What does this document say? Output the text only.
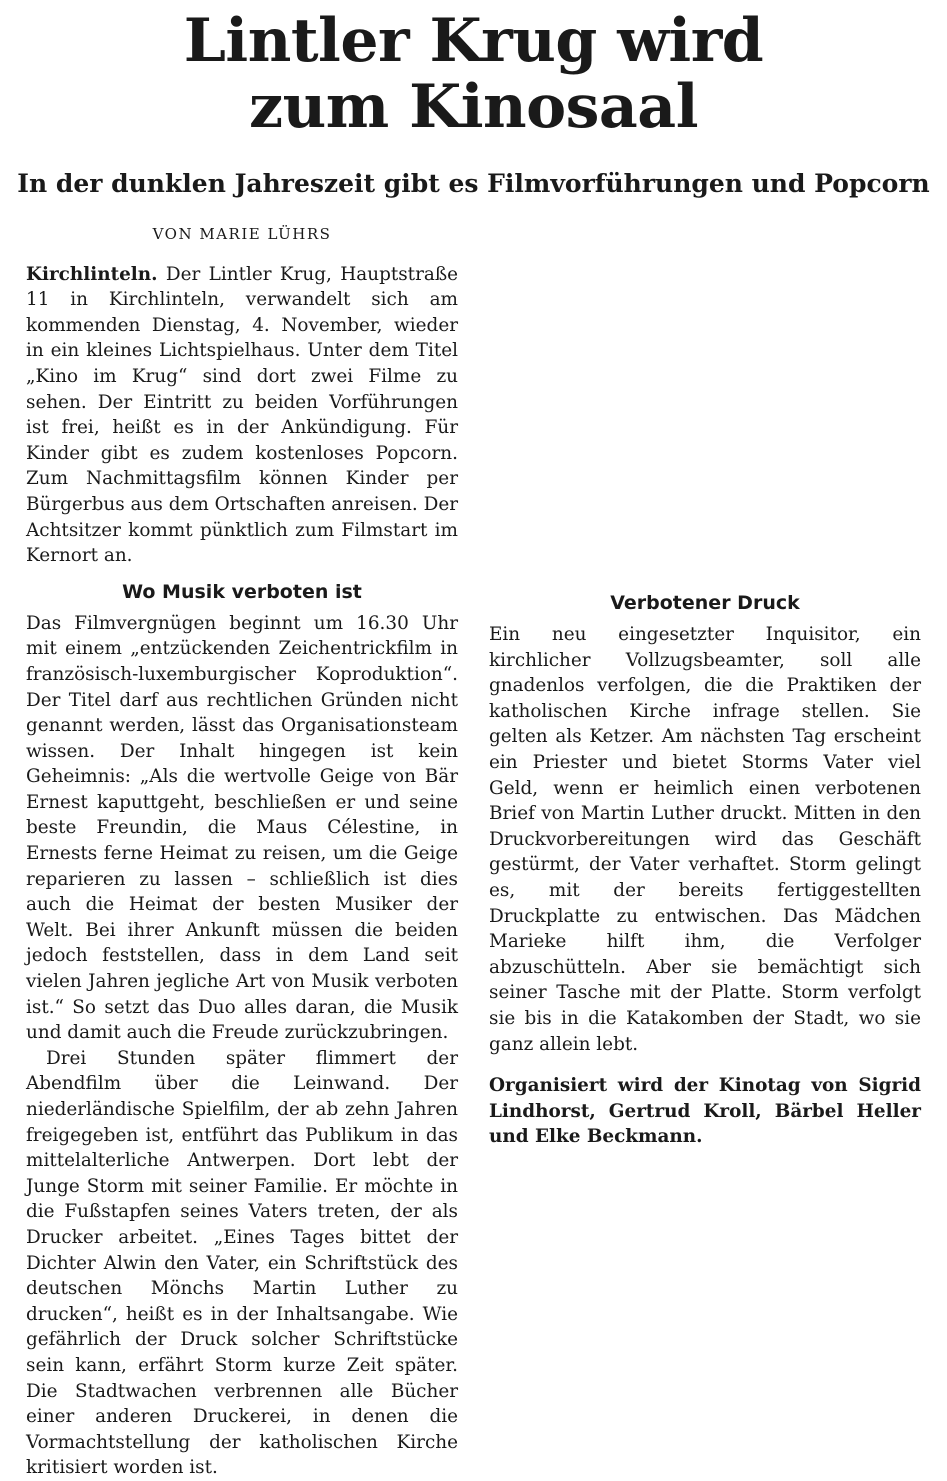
Lintler Krug wird
zum Kinosaal
In der dunklen Jahreszeit gibt es Filmvorführungen und Popcorn
VON MARIE LÜHRS

Kirchlinteln. Der Lintler Krug, Hauptstraße 11 in Kirchlinteln, verwandelt sich am kommenden Dienstag, 4. November, wieder in ein kleines Lichtspielhaus. Unter dem Titel „Kino im Krug“ sind dort zwei Filme zu sehen. Der Eintritt zu beiden Vorführungen ist frei, heißt es in der Ankündigung. Für Kinder gibt es zudem kostenloses Popcorn. Zum Nachmittagsfilm können Kinder per Bürgerbus aus dem Ortschaften anreisen. Der Achtsitzer kommt pünktlich zum Filmstart im Kernort an.

Wo Musik verboten ist

Das Filmvergnügen beginnt um 16.30 Uhr mit einem „entzückenden Zeichentrickfilm in französisch-luxemburgischer Koproduktion“. Der Titel darf aus rechtlichen Gründen nicht genannt werden, lässt das Organisationsteam wissen. Der Inhalt hingegen ist kein Geheimnis: „Als die wertvolle Geige von Bär Ernest kaputtgeht, beschließen er und seine beste Freundin, die Maus Célestine, in Ernests ferne Heimat zu reisen, um die Geige reparieren zu lassen – schließlich ist dies auch die Heimat der besten Musiker der Welt. Bei ihrer Ankunft müssen die beiden jedoch feststellen, dass in dem Land seit vielen Jahren jegliche Art von Musik verboten ist.“ So setzt das Duo alles daran, die Musik und damit auch die Freude zurückzubringen.

Drei Stunden später flimmert der Abendfilm über die Leinwand. Der niederländische Spielfilm, der ab zehn Jahren freigegeben ist, entführt das Publikum in das mittelalterliche Antwerpen. Dort lebt der Junge Storm mit seiner Familie. Er möchte in die Fußstapfen seines Vaters treten, der als Drucker arbeitet. „Eines Tages bittet der Dichter Alwin den Vater, ein Schriftstück des deutschen Mönchs Martin Luther zu drucken“, heißt es in der Inhaltsangabe. Wie gefährlich der Druck solcher Schriftstücke sein kann, erfährt Storm kurze Zeit später. Die Stadtwachen verbrennen alle Bücher einer anderen Druckerei, in denen die Vormachtstellung der katholischen Kirche kritisiert worden ist.

Verbotener Druck

Ein neu eingesetzter Inquisitor, ein kirchlicher Vollzugsbeamter, soll alle gnadenlos verfolgen, die die Praktiken der katholischen Kirche infrage stellen. Sie gelten als Ketzer. Am nächsten Tag erscheint ein Priester und bietet Storms Vater viel Geld, wenn er heimlich einen verbotenen Brief von Martin Luther druckt. Mitten in den Druckvorbereitungen wird das Geschäft gestürmt, der Vater verhaftet. Storm gelingt es, mit der bereits fertiggestellten Druckplatte zu entwischen. Das Mädchen Marieke hilft ihm, die Verfolger abzuschütteln. Aber sie bemächtigt sich seiner Tasche mit der Platte. Storm verfolgt sie bis in die Katakomben der Stadt, wo sie ganz allein lebt.

Organisiert wird der Kinotag von Sigrid Lindhorst, Gertrud Kroll, Bärbel Heller und Elke Beckmann.
